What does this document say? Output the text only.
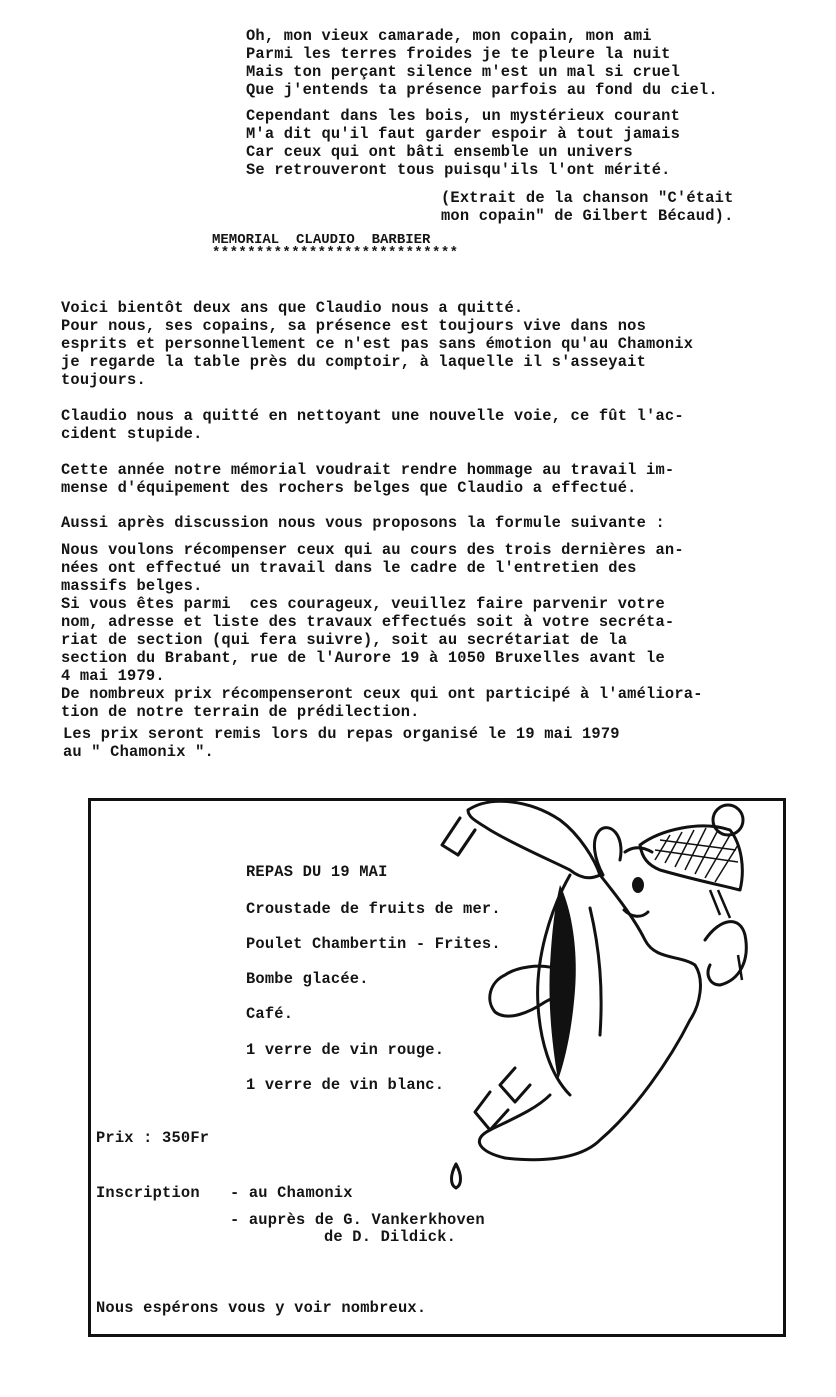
Oh, mon vieux camarade, mon copain, mon ami
Parmi les terres froides je te pleure la nuit
Mais ton perçant silence m'est un mal si cruel
Que j'entends ta présence parfois au fond du ciel.
Cependant dans les bois, un mystérieux courant
M'a dit qu'il faut garder espoir à tout jamais
Car ceux qui ont bâti ensemble un univers
Se retrouveront tous puisqu'ils l'ont mérité.
(Extrait de la chanson "C'était
mon copain" de Gilbert Bécaud).
MEMORIAL  CLAUDIO  BARBIER
****************************
Voici bientôt deux ans que Claudio nous a quitté.
Pour nous, ses copains, sa présence est toujours vive dans nos
esprits et personnellement ce n'est pas sans émotion qu'au Chamonix
je regarde la table près du comptoir, à laquelle il s'asseyait
toujours.
Claudio nous a quitté en nettoyant une nouvelle voie, ce fût l'ac-
cident stupide.
Cette année notre mémorial voudrait rendre hommage au travail im-
mense d'équipement des rochers belges que Claudio a effectué.
Aussi après discussion nous vous proposons la formule suivante :
Nous voulons récompenser ceux qui au cours des trois dernières an-
nées ont effectué un travail dans le cadre de l'entretien des
massifs belges.
Si vous êtes parmi  ces courageux, veuillez faire parvenir votre
nom, adresse et liste des travaux effectués soit à votre secréta-
riat de section (qui fera suivre), soit au secrétariat de la
section du Brabant, rue de l'Aurore 19 à 1050 Bruxelles avant le
4 mai 1979.
De nombreux prix récompenseront ceux qui ont participé à l'améliora-
tion de notre terrain de prédilection.
Les prix seront remis lors du repas organisé le 19 mai 1979
au " Chamonix ".
REPAS DU 19 MAI
Croustade de fruits de mer.
Poulet Chambertin - Frites.
Bombe glacée.
Café.
1 verre de vin rouge.
1 verre de vin blanc.
Prix : 350Fr
Inscription - au Chamonix
- auprès de G. Vankerkhoven
de D. Dildick.
Nous espérons vous y voir nombreux.
